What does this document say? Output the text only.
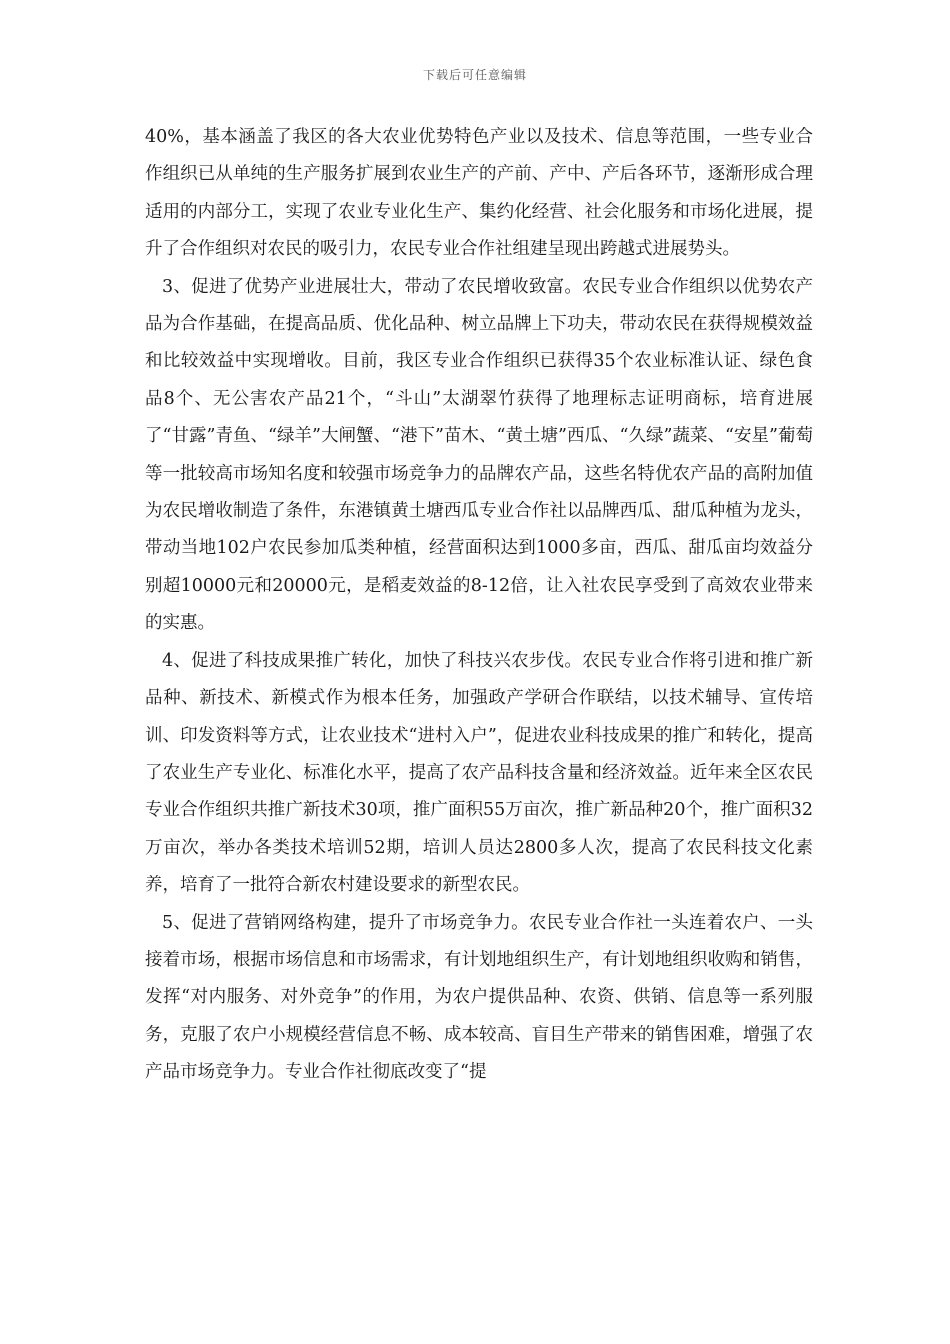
下载后可任意编辑

40%，基本涵盖了我区的各大农业优势特色产业以及技术、信息等范围，一些专业合作组织已从单纯的生产服务扩展到农业生产的产前、产中、产后各环节，逐渐形成合理适用的内部分工，实现了农业专业化生产、集约化经营、社会化服务和市场化进展，提升了合作组织对农民的吸引力，农民专业合作社组建呈现出跨越式进展势头。

3、促进了优势产业进展壮大，带动了农民增收致富。农民专业合作组织以优势农产品为合作基础，在提高品质、优化品种、树立品牌上下功夫，带动农民在获得规模效益和比较效益中实现增收。目前，我区专业合作组织已获得35个农业标准认证、绿色食品8个、无公害农产品21个，“斗山”太湖翠竹获得了地理标志证明商标，培育进展了“甘露”青鱼、“绿羊”大闸蟹、“港下”苗木、“黄土塘”西瓜、“久绿”蔬菜、“安星”葡萄等一批较高市场知名度和较强市场竞争力的品牌农产品，这些名特优农产品的高附加值为农民增收制造了条件，东港镇黄土塘西瓜专业合作社以品牌西瓜、甜瓜种植为龙头，带动当地102户农民参加瓜类种植，经营面积达到1000多亩，西瓜、甜瓜亩均效益分别超10000元和20000元，是稻麦效益的8-12倍，让入社农民享受到了高效农业带来的实惠。

4、促进了科技成果推广转化，加快了科技兴农步伐。农民专业合作将引进和推广新品种、新技术、新模式作为根本任务，加强政产学研合作联结，以技术辅导、宣传培训、印发资料等方式，让农业技术“进村入户”，促进农业科技成果的推广和转化，提高了农业生产专业化、标准化水平，提高了农产品科技含量和经济效益。近年来全区农民专业合作组织共推广新技术30项，推广面积55万亩次，推广新品种20个，推广面积32万亩次，举办各类技术培训52期，培训人员达2800多人次，提高了农民科技文化素养，培育了一批符合新农村建设要求的新型农民。

5、促进了营销网络构建，提升了市场竞争力。农民专业合作社一头连着农户、一头接着市场，根据市场信息和市场需求，有计划地组织生产，有计划地组织收购和销售，发挥“对内服务、对外竞争”的作用，为农户提供品种、农资、供销、信息等一系列服务，克服了农户小规模经营信息不畅、成本较高、盲目生产带来的销售困难，增强了农产品市场竞争力。专业合作社彻底改变了“提
